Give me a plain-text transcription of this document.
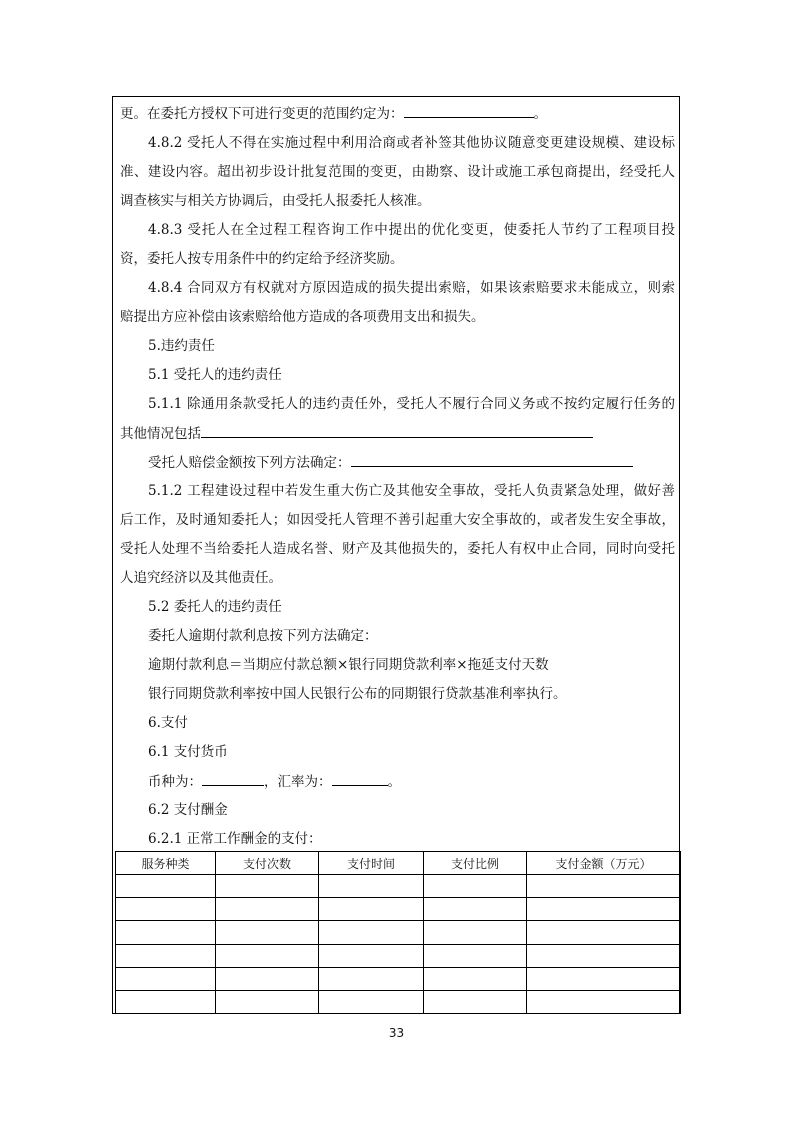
更。在委托方授权下可进行变更的范围约定为：	。
4.8.2 受托人不得在实施过程中利用洽商或者补签其他协议随意变更建设规模、建设标
准、建设内容。超出初步设计批复范围的变更，由勘察、设计或施工承包商提出，经受托人
调查核实与相关方协调后，由受托人报委托人核准。
4.8.3 受托人在全过程工程咨询工作中提出的优化变更，使委托人节约了工程项目投
资，委托人按专用条件中的约定给予经济奖励。
4.8.4 合同双方有权就对方原因造成的损失提出索赔，如果该索赔要求未能成立，则索
赔提出方应补偿由该索赔给他方造成的各项费用支出和损失。
5.违约责任
5.1 受托人的违约责任
5.1.1 除通用条款受托人的违约责任外，受托人不履行合同义务或不按约定履行任务的
其他情况包括
受托人赔偿金额按下列方法确定：
5.1.2 工程建设过程中若发生重大伤亡及其他安全事故，受托人负责紧急处理，做好善
后工作，及时通知委托人；如因受托人管理不善引起重大安全事故的，或者发生安全事故，
受托人处理不当给委托人造成名誉、财产及其他损失的，委托人有权中止合同，同时向受托
人追究经济以及其他责任。
5.2 委托人的违约责任
委托人逾期付款利息按下列方法确定：
逾期付款利息＝当期应付款总额×银行同期贷款利率×拖延支付天数
银行同期贷款利率按中国人民银行公布的同期银行贷款基准利率执行。
6.支付
6.1 支付货币
币种为：	，汇率为：	。
6.2 支付酬金
6.2.1 正常工作酬金的支付：
服务种类	支付次数	支付时间	支付比例	支付金额（万元）

33
